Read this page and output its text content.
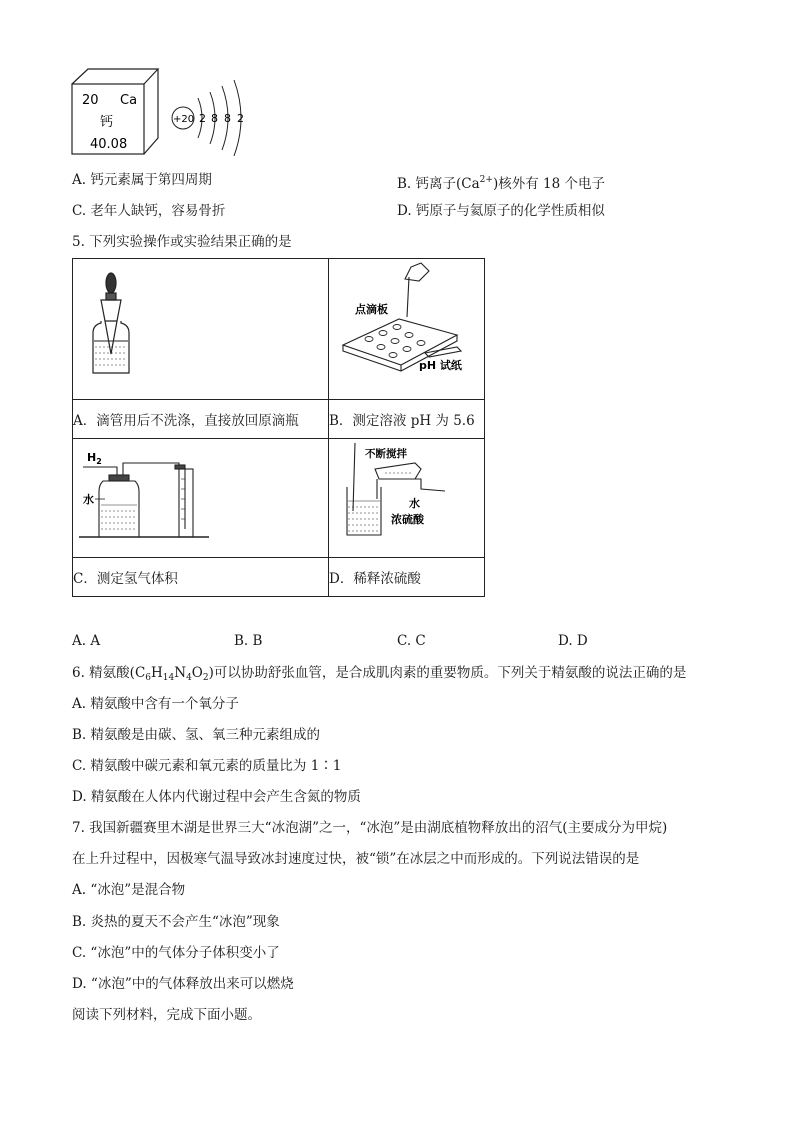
20 Ca
钙
40.08
+20 2 8 8 2
A. 钙元素属于第四周期	B. 钙离子$(Ca^{2+})$核外有 18 个电子
C. 老年人缺钙，容易骨折	D. 钙原子与氦原子的化学性质相似
5. 下列实验操作或实验结果正确的是

点滴板
pH 试纸

A．滴管用后不洗涤，直接放回原滴瓶	B．测定溶液 pH 为 5.6

$H_2$
水	不断搅拌
水
浓硫酸

C．测定氢气体积	D．稀释浓硫酸
A. A	B. B	C. C	D. D
6. 精氨酸$(C_6H_{14}N_4O_2)$可以协助舒张血管，是合成肌肉素的重要物质。下列关于精氨酸的说法正确的是
A. 精氨酸中含有一个氧分子
B. 精氨酸是由碳、氢、氧三种元素组成的
C. 精氨酸中碳元素和氧元素的质量比为 1∶1
D. 精氨酸在人体内代谢过程中会产生含氮的物质
7. 我国新疆赛里木湖是世界三大“冰泡湖”之一，“冰泡”是由湖底植物释放出的沼气(主要成分为甲烷)
在上升过程中，因极寒气温导致冰封速度过快，被“锁”在冰层之中而形成的。下列说法错误的是
A. “冰泡”是混合物
B. 炎热的夏天不会产生“冰泡”现象
C. “冰泡”中的气体分子体积变小了
D. “冰泡”中的气体释放出来可以燃烧
阅读下列材料，完成下面小题。
